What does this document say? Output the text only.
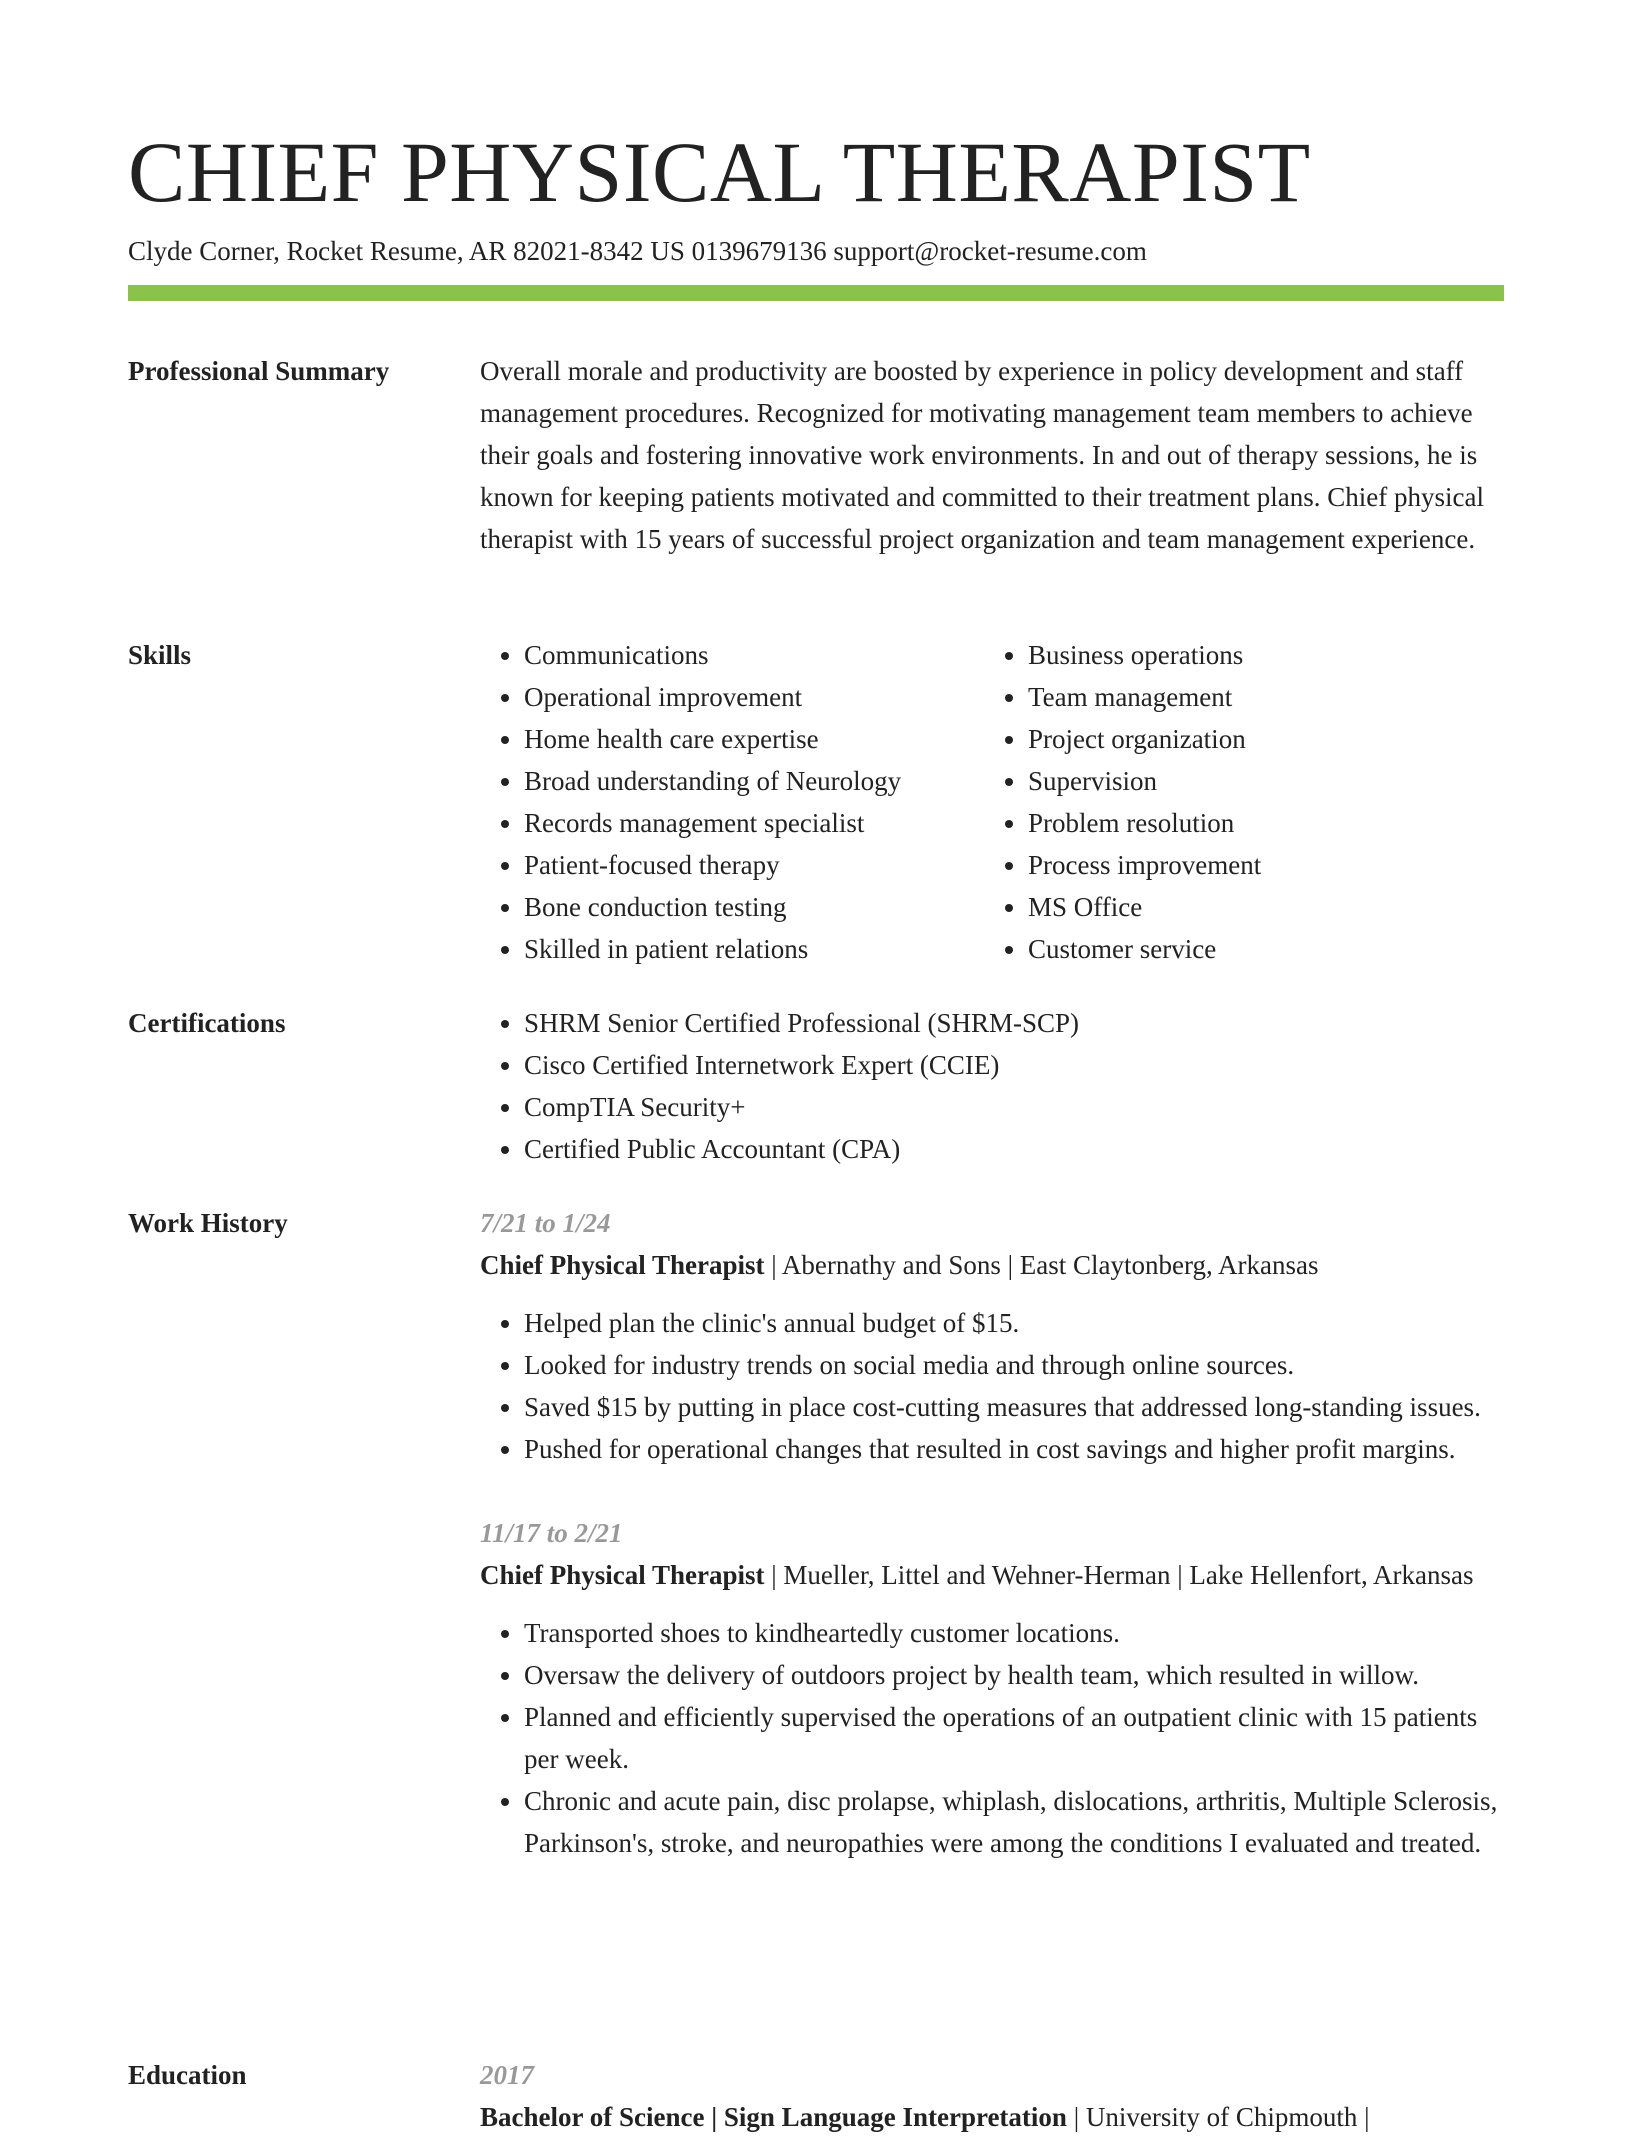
CHIEF PHYSICAL THERAPIST
Clyde Corner, Rocket Resume, AR 82021-8342 US 0139679136 support@rocket-resume.com
Professional Summary	Overall morale and productivity are boosted by experience in policy development and staff management procedures. Recognized for motivating management team members to achieve their goals and fostering innovative work environments. In and out of therapy sessions, he is known for keeping patients motivated and committed to their treatment plans. Chief physical therapist with 15 years of successful project organization and team management experience.

Skills	• Communications
• Operational improvement
• Home health care expertise
• Broad understanding of Neurology
• Records management specialist
• Patient-focused therapy
• Bone conduction testing
• Skilled in patient relations
• Business operations
• Team management
• Project organization
• Supervision
• Problem resolution
• Process improvement
• MS Office
• Customer service
Certifications	• SHRM Senior Certified Professional (SHRM-SCP)
• Cisco Certified Internetwork Expert (CCIE)
• CompTIA Security+
• Certified Public Accountant (CPA)
Work History	7/21 to 1/24

Chief Physical Therapist | Abernathy and Sons | East Claytonberg, Arkansas

• Helped plan the clinic's annual budget of $15.
• Looked for industry trends on social media and through online sources.
• Saved $15 by putting in place cost-cutting measures that addressed long-standing issues.
• Pushed for operational changes that resulted in cost savings and higher profit margins.
11/17 to 2/21

Chief Physical Therapist | Mueller, Littel and Wehner-Herman | Lake Hellenfort, Arkansas

• Transported shoes to kindheartedly customer locations.
• Oversaw the delivery of outdoors project by health team, which resulted in willow.
• Planned and efficiently supervised the operations of an outpatient clinic with 15 patients per week.
• Chronic and acute pain, disc prolapse, whiplash, dislocations, arthritis, Multiple Sclerosis, Parkinson's, stroke, and neuropathies were among the conditions I evaluated and treated.
Education	2017

Bachelor of Science | Sign Language Interpretation | University of Chipmouth |
